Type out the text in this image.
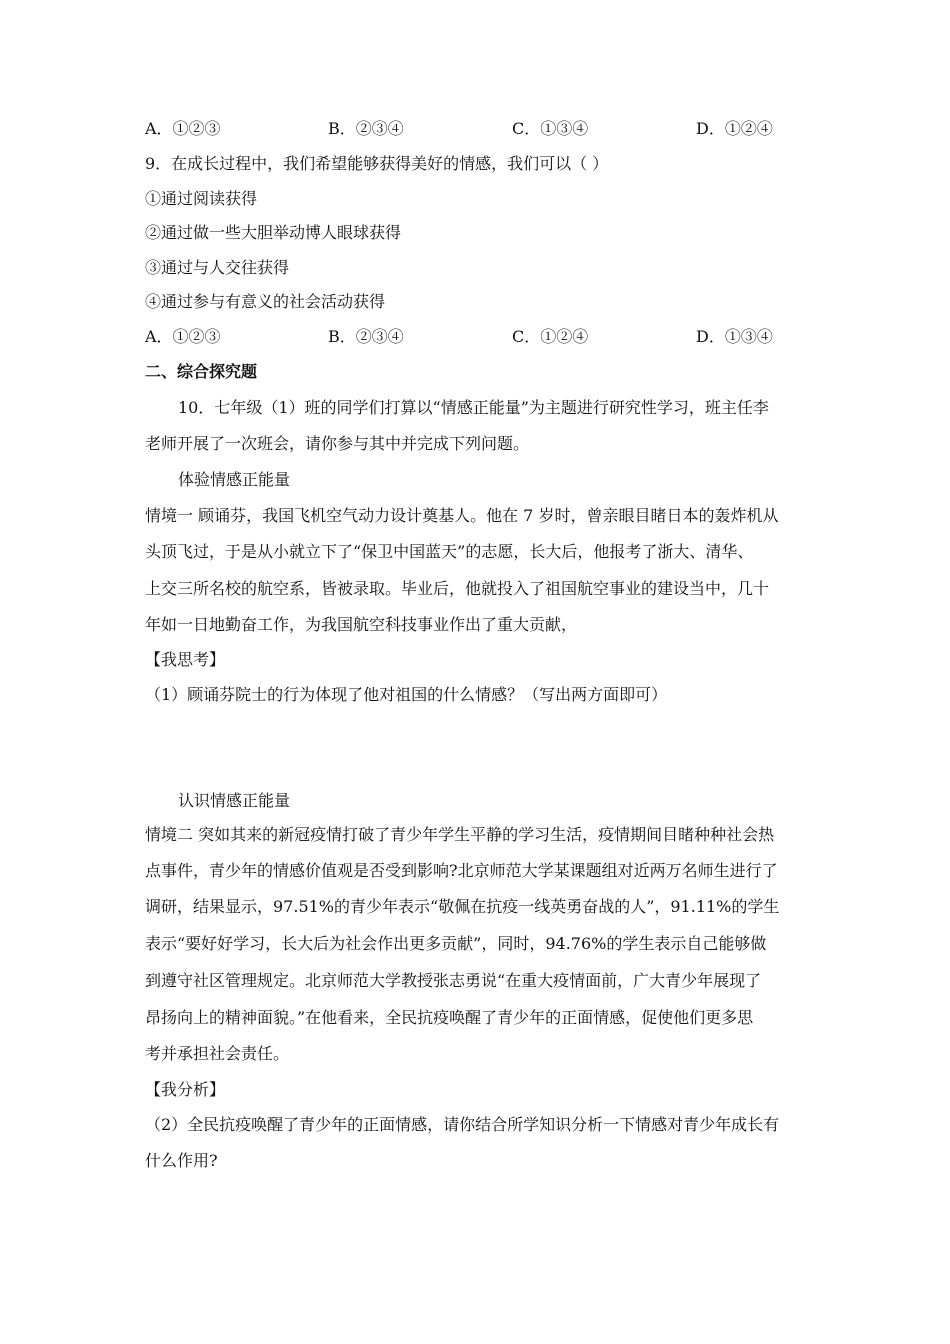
A．①②③	B．②③④	C．①③④	D．①②④
9．在成长过程中，我们希望能够获得美好的情感，我们可以（ ）
①通过阅读获得
②通过做一些大胆举动博人眼球获得
③通过与人交往获得
④通过参与有意义的社会活动获得
A．①②③	B．②③④	C．①②④	D．①③④
二、综合探究题
10．七年级（1）班的同学们打算以“情感正能量”为主题进行研究性学习，班主任李
老师开展了一次班会，请你参与其中并完成下列问题。
体验情感正能量
情境一 顾诵芬，我国飞机空气动力设计奠基人。他在 7 岁时，曾亲眼目睹日本的轰炸机从
头顶飞过，于是从小就立下了“保卫中国蓝天”的志愿，长大后，他报考了浙大、清华、
上交三所名校的航空系，皆被录取。毕业后，他就投入了祖国航空事业的建设当中，几十
年如一日地勤奋工作，为我国航空科技事业作出了重大贡献，
【我思考】
（1）顾诵芬院士的行为体现了他对祖国的什么情感？（写出两方面即可）
认识情感正能量
情境二 突如其来的新冠疫情打破了青少年学生平静的学习生活，疫情期间目睹种种社会热
点事件，青少年的情感价值观是否受到影响?北京师范大学某课题组对近两万名师生进行了
调研，结果显示，97.51%的青少年表示“敬佩在抗疫一线英勇奋战的人”，91.11%的学生
表示“要好好学习，长大后为社会作出更多贡献”，同时，94.76%的学生表示自己能够做
到遵守社区管理规定。北京师范大学教授张志勇说“在重大疫情面前，广大青少年展现了
昂扬向上的精神面貌。”在他看来，全民抗疫唤醒了青少年的正面情感，促使他们更多思
考并承担社会责任。
【我分析】
（2）全民抗疫唤醒了青少年的正面情感，请你结合所学知识分析一下情感对青少年成长有
什么作用?
